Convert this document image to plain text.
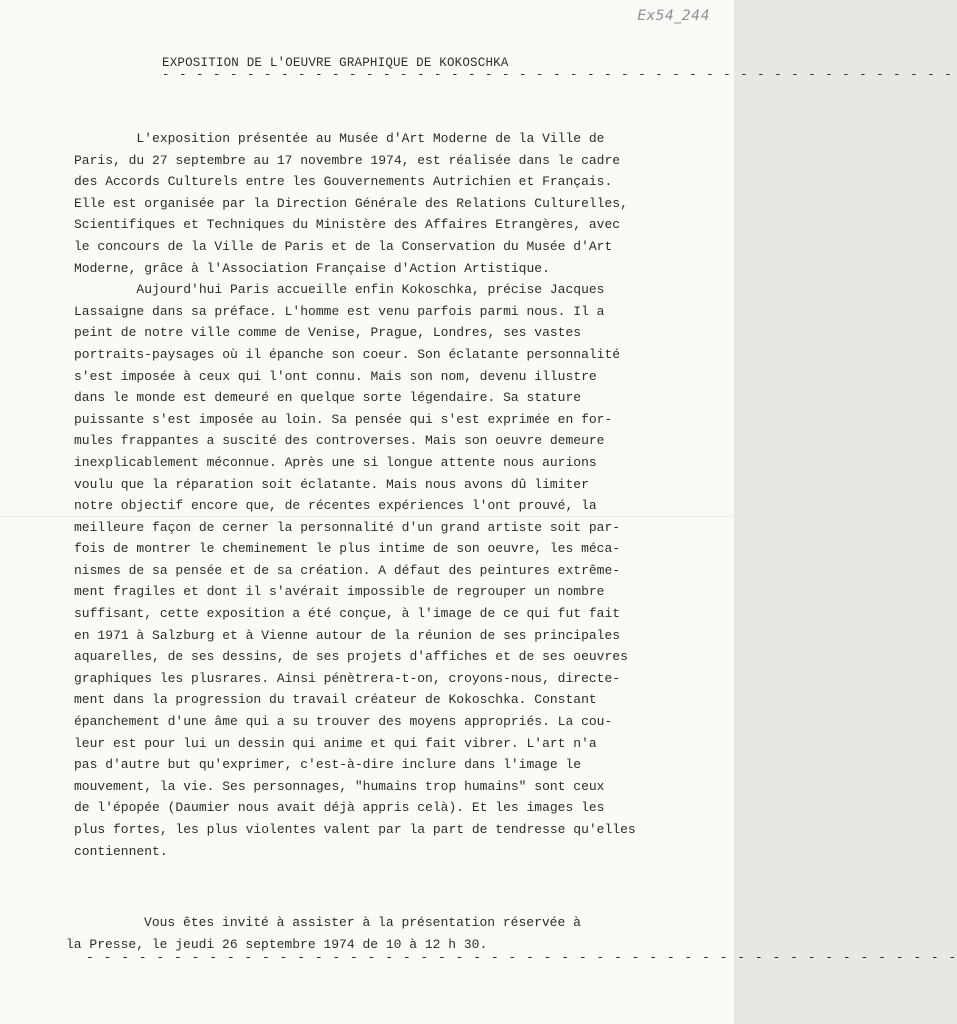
Ex54_244
EXPOSITION DE L'OEUVRE GRAPHIQUE DE KOKOSCHKA
- - - - - - - - - - - - - - - - - - - - - - - - - - - - - - - - - - - - - - - - - - - - - - -
L'exposition présentée au Musée d'Art Moderne de la Ville de
Paris, du 27 septembre au 17 novembre 1974, est réalisée dans le cadre
des Accords Culturels entre les Gouvernements Autrichien et Français.
Elle est organisée par la Direction Générale des Relations Culturelles,
Scientifiques et Techniques du Ministère des Affaires Etrangères, avec
le concours de la Ville de Paris et de la Conservation du Musée d'Art
Moderne, grâce à l'Association Française d'Action Artistique.
Aujourd'hui Paris accueille enfin Kokoschka, précise Jacques
Lassaigne dans sa préface. L'homme est venu parfois parmi nous. Il a
peint de notre ville comme de Venise, Prague, Londres, ses vastes
portraits-paysages où il épanche son coeur. Son éclatante personnalité
s'est imposée à ceux qui l'ont connu. Mais son nom, devenu illustre
dans le monde est demeuré en quelque sorte légendaire. Sa stature
puissante s'est imposée au loin. Sa pensée qui s'est exprimée en for-
mules frappantes a suscité des controverses. Mais son oeuvre demeure
inexplicablement méconnue. Après une si longue attente nous aurions
voulu que la réparation soit éclatante. Mais nous avons dû limiter
notre objectif encore que, de récentes expériences l'ont prouvé, la
meilleure façon de cerner la personnalité d'un grand artiste soit par-
fois de montrer le cheminement le plus intime de son oeuvre, les méca-
nismes de sa pensée et de sa création. A défaut des peintures extrême-
ment fragiles et dont il s'avérait impossible de regrouper un nombre
suffisant, cette exposition a été conçue, à l'image de ce qui fut fait
en 1971 à Salzburg et à Vienne autour de la réunion de ses principales
aquarelles, de ses dessins, de ses projets d'affiches et de ses oeuvres
graphiques les plusrares. Ainsi pénètrera-t-on, croyons-nous, directe-
ment dans la progression du travail créateur de Kokoschka. Constant
épanchement d'une âme qui a su trouver des moyens appropriés. La cou-
leur est pour lui un dessin qui anime et qui fait vibrer. L'art n'a
pas d'autre but qu'exprimer, c'est-à-dire inclure dans l'image le
mouvement, la vie. Ses personnages, "humains trop humains" sont ceux
de l'épopée (Daumier nous avait déjà appris celà). Et les images les
plus fortes, les plus violentes valent par la part de tendresse qu'elles
contiennent.
Vous êtes invité à assister à la présentation réservée à
la Presse, le jeudi 26 septembre 1974 de 10 à 12 h 30.
- - - - - - - - - - - - - - - - - - - - - - - - - - - - - - - - - - - - - - - - - - - - - - - - - -
